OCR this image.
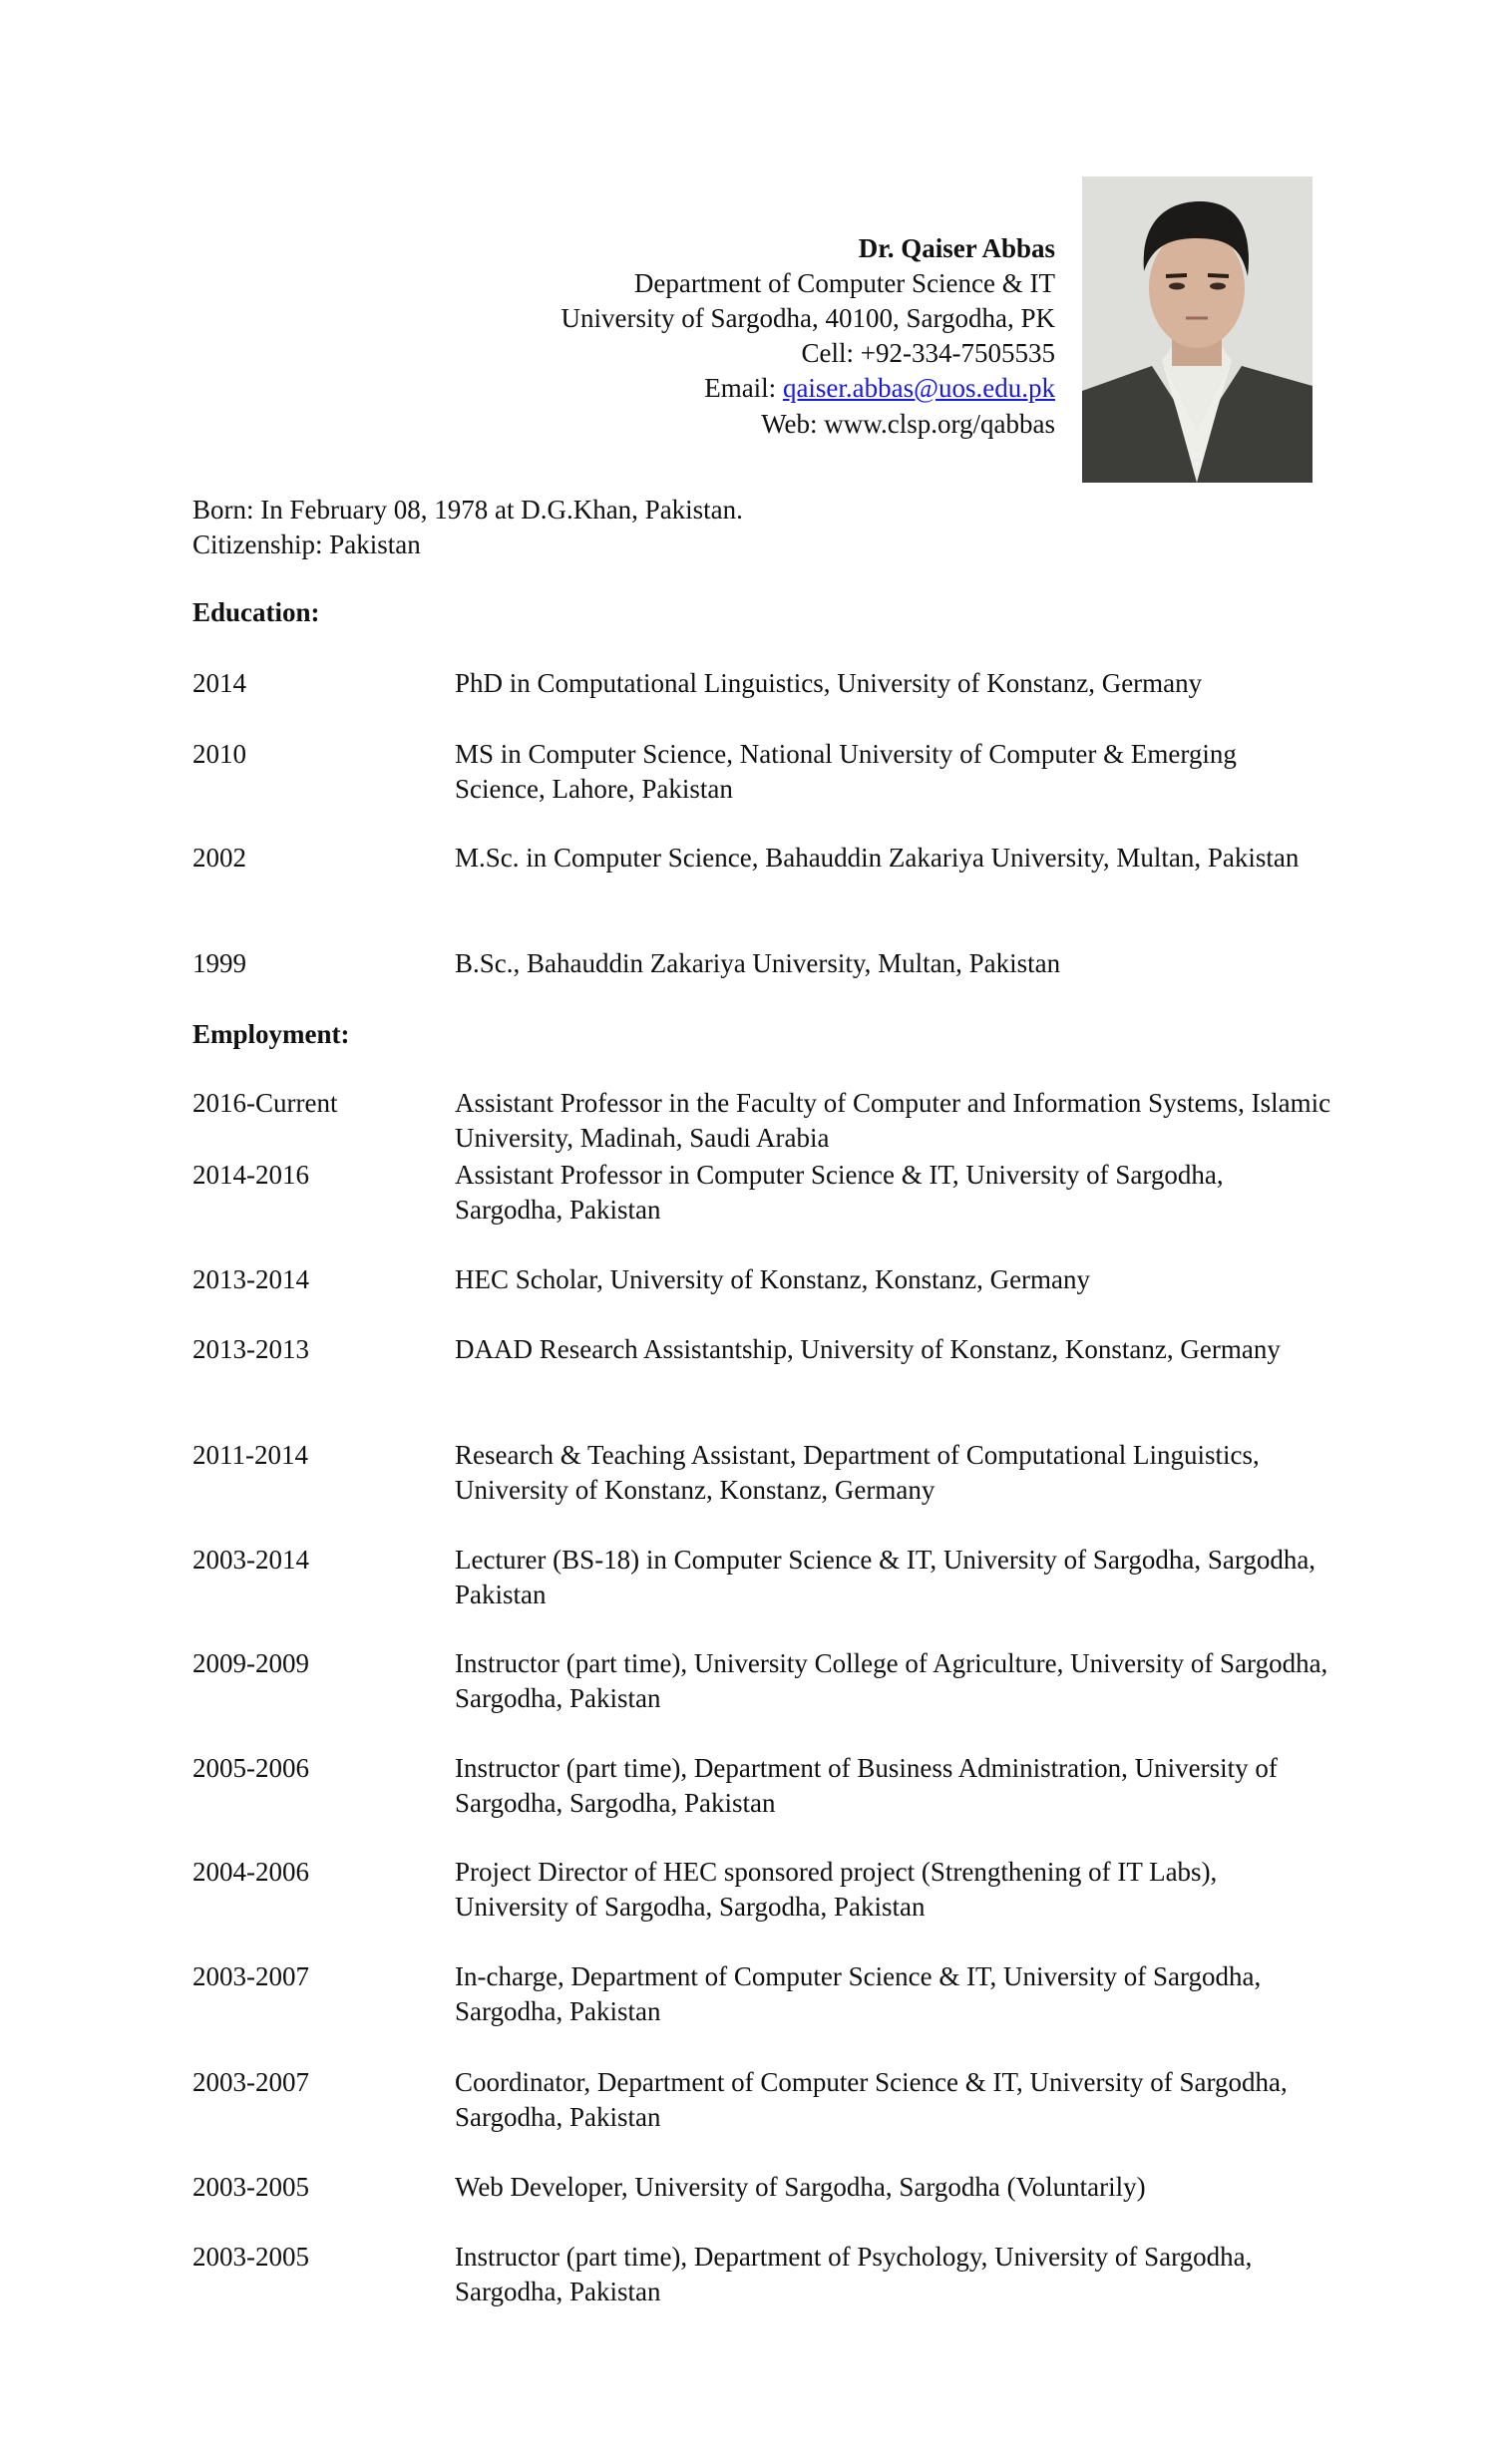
Dr. Qaiser Abbas
Department of Computer Science & IT
University of Sargodha, 40100, Sargodha, PK
Cell: +92-334-7505535
Email: qaiser.abbas@uos.edu.pk
Web: www.clsp.org/qabbas
Born: In February 08, 1978 at D.G.Khan, Pakistan.
Citizenship: Pakistan
Education:
2014	PhD in Computational Linguistics, University of Konstanz, Germany
2010	MS in Computer Science, National University of Computer & Emerging Science, Lahore, Pakistan
2002	M.Sc. in Computer Science, Bahauddin Zakariya University, Multan, Pakistan
1999	B.Sc., Bahauddin Zakariya University, Multan, Pakistan
Employment:
2016-Current	Assistant Professor in the Faculty of Computer and Information Systems, Islamic University, Madinah, Saudi Arabia
2014-2016	Assistant Professor in Computer Science & IT, University of Sargodha, Sargodha, Pakistan
2013-2014	HEC Scholar, University of Konstanz, Konstanz, Germany
2013-2013	DAAD Research Assistantship, University of Konstanz, Konstanz, Germany
2011-2014	Research & Teaching Assistant, Department of Computational Linguistics, University of Konstanz, Konstanz, Germany
2003-2014	Lecturer (BS-18) in Computer Science & IT, University of Sargodha, Sargodha, Pakistan
2009-2009	Instructor (part time), University College of Agriculture, University of Sargodha, Sargodha, Pakistan
2005-2006	Instructor (part time), Department of Business Administration, University of Sargodha, Sargodha, Pakistan
2004-2006	Project Director of HEC sponsored project (Strengthening of IT Labs), University of Sargodha, Sargodha, Pakistan
2003-2007	In-charge, Department of Computer Science & IT, University of Sargodha, Sargodha, Pakistan
2003-2007	Coordinator, Department of Computer Science & IT, University of Sargodha, Sargodha, Pakistan
2003-2005	Web Developer, University of Sargodha, Sargodha (Voluntarily)
2003-2005	Instructor (part time), Department of Psychology, University of Sargodha, Sargodha, Pakistan
